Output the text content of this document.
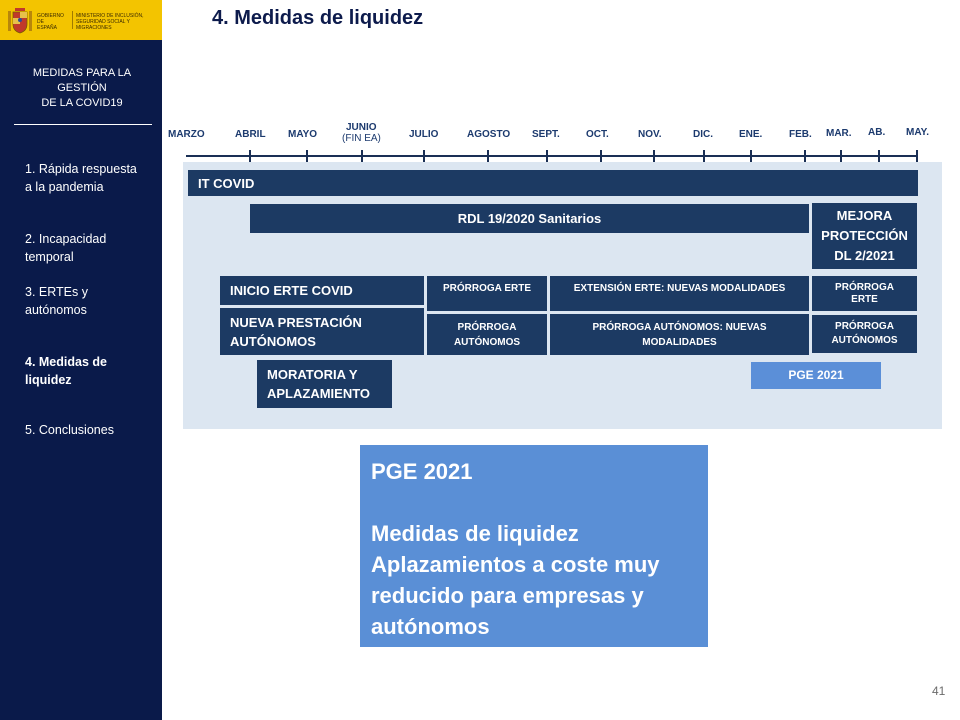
GOBIERNO DE ESPAÑA
MINISTERIO DE INCLUSIÓN, SEGURIDAD SOCIAL Y MIGRACIONES
MEDIDAS PARA LA
GESTIÓN
DE LA COVID19
1. Rápida respuesta
a la pandemia
2. Incapacidad
temporal
3. ERTEs y
autónomos
4. Medidas de
liquidez
5. Conclusiones
4. Medidas de liquidez
MARZO	ABRIL MAYO
JUNIO
JULIO	AGOSTO SEPT.	OCT.	NOV.	DIC.	ENE.	FEB. MAR. AB. MAY.
(FIN EA)
IT COVID
RDL 19/2020 Sanitarios	MEJORA
PROTECCIÓN
DL 2/2021
INICIO ERTE COVID
NUEVA PRESTACIÓN
AUTÓNOMOS
MORATORIA Y
APLAZAMIENTO
PRÓRROGA ERTE	EXTENSIÓN ERTE: NUEVAS MODALIDADES	PRÓRROGA
ERTE
PRÓRROGA
AUTÓNOMOS
PRÓRROGA AUTÓNOMOS: NUEVAS
MODALIDADES
PRÓRROGA
AUTÓNOMOS
PGE 2021
PGE 2021
Medidas de liquidez
Aplazamientos a coste muy
reducido para empresas y
autónomos
41
